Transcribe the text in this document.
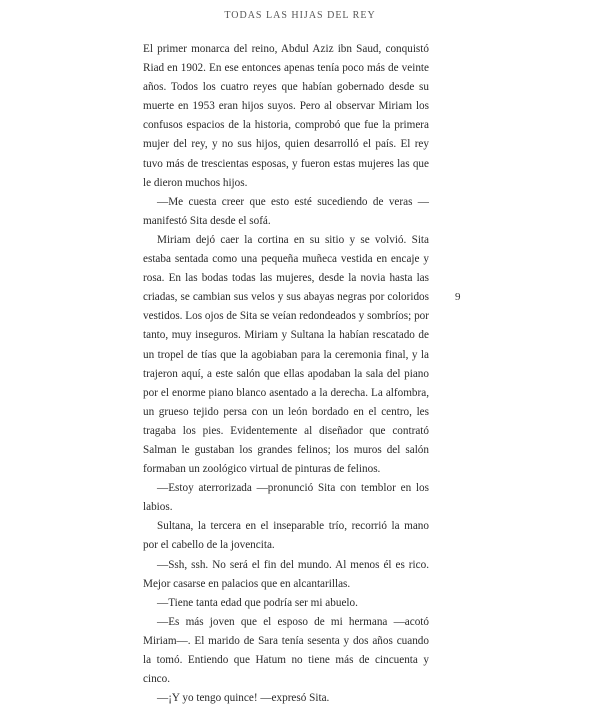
TODAS LAS HIJAS DEL REY

El primer monarca del reino, Abdul Aziz ibn Saud, conquistó Riad en 1902. En ese entonces apenas tenía poco más de veinte años. Todos los cuatro reyes que habían gobernado desde su muerte en 1953 eran hijos suyos. Pero al observar Miriam los confusos espacios de la historia, comprobó que fue la primera mujer del rey, y no sus hijos, quien desarrolló el país. El rey tuvo más de trescientas esposas, y fueron estas mujeres las que le dieron muchos hijos.

—Me cuesta creer que esto esté sucediendo de veras —manifestó Sita desde el sofá.

Miriam dejó caer la cortina en su sitio y se volvió. Sita estaba sentada como una pequeña muñeca vestida en encaje y rosa. En las bodas todas las mujeres, desde la novia hasta las criadas, se cambian sus velos y sus abayas negras por coloridos vestidos. Los ojos de Sita se veían redondeados y sombríos; por tanto, muy inseguros. Miriam y Sultana la habían rescatado de un tropel de tías que la agobiaban para la ceremonia final, y la trajeron aquí, a este salón que ellas apodaban la sala del piano por el enorme piano blanco asentado a la derecha. La alfombra, un grueso tejido persa con un león bordado en el centro, les tragaba los pies. Evidentemente al diseñador que contrató Salman le gustaban los grandes felinos; los muros del salón formaban un zoológico virtual de pinturas de felinos.

—Estoy aterrorizada —pronunció Sita con temblor en los labios.

Sultana, la tercera en el inseparable trío, recorrió la mano por el cabello de la jovencita.

—Ssh, ssh. No será el fin del mundo. Al menos él es rico. Mejor casarse en palacios que en alcantarillas.

—Tiene tanta edad que podría ser mi abuelo.

—Es más joven que el esposo de mi hermana —acotó Miriam—. El marido de Sara tenía sesenta y dos años cuando la tomó. Entiendo que Hatum no tiene más de cincuenta y cinco.

—¡Y yo tengo quince! —expresó Sita.

9
